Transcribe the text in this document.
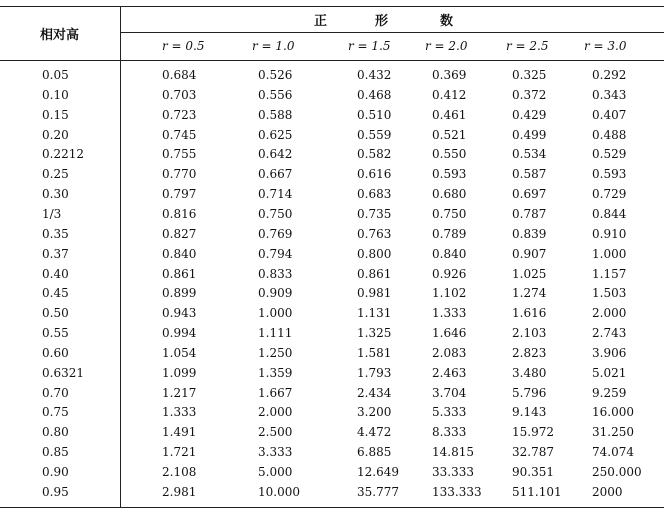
相对高
正	形	数
r = 0.5	r = 1.0	r = 1.5	r = 2.0	r = 2.5	r = 3.0
0.05	0.684	0.526	0.432	0.369	0.325	0.292
0.10	0.703	0.556	0.468	0.412	0.372	0.343
0.15	0.723	0.588	0.510	0.461	0.429	0.407
0.20	0.745	0.625	0.559	0.521	0.499	0.488
0.2212	0.755	0.642	0.582	0.550	0.534	0.529
0.25	0.770	0.667	0.616	0.593	0.587	0.593
0.30	0.797	0.714	0.683	0.680	0.697	0.729
1/3	0.816	0.750	0.735	0.750	0.787	0.844
0.35	0.827	0.769	0.763	0.789	0.839	0.910
0.37	0.840	0.794	0.800	0.840	0.907	1.000
0.40	0.861	0.833	0.861	0.926	1.025	1.157
0.45	0.899	0.909	0.981	1.102	1.274	1.503
0.50	0.943	1.000	1.131	1.333	1.616	2.000
0.55	0.994	1.111	1.325	1.646	2.103	2.743
0.60	1.054	1.250	1.581	2.083	2.823	3.906
0.6321	1.099	1.359	1.793	2.463	3.480	5.021
0.70	1.217	1.667	2.434	3.704	5.796	9.259
0.75	1.333	2.000	3.200	5.333	9.143	16.000
0.80	1.491	2.500	4.472	8.333	15.972	31.250
0.85	1.721	3.333	6.885	14.815	32.787	74.074
0.90	2.108	5.000	12.649	33.333	90.351	250.000
0.95	2.981	10.000	35.777	133.333	511.101	2000
